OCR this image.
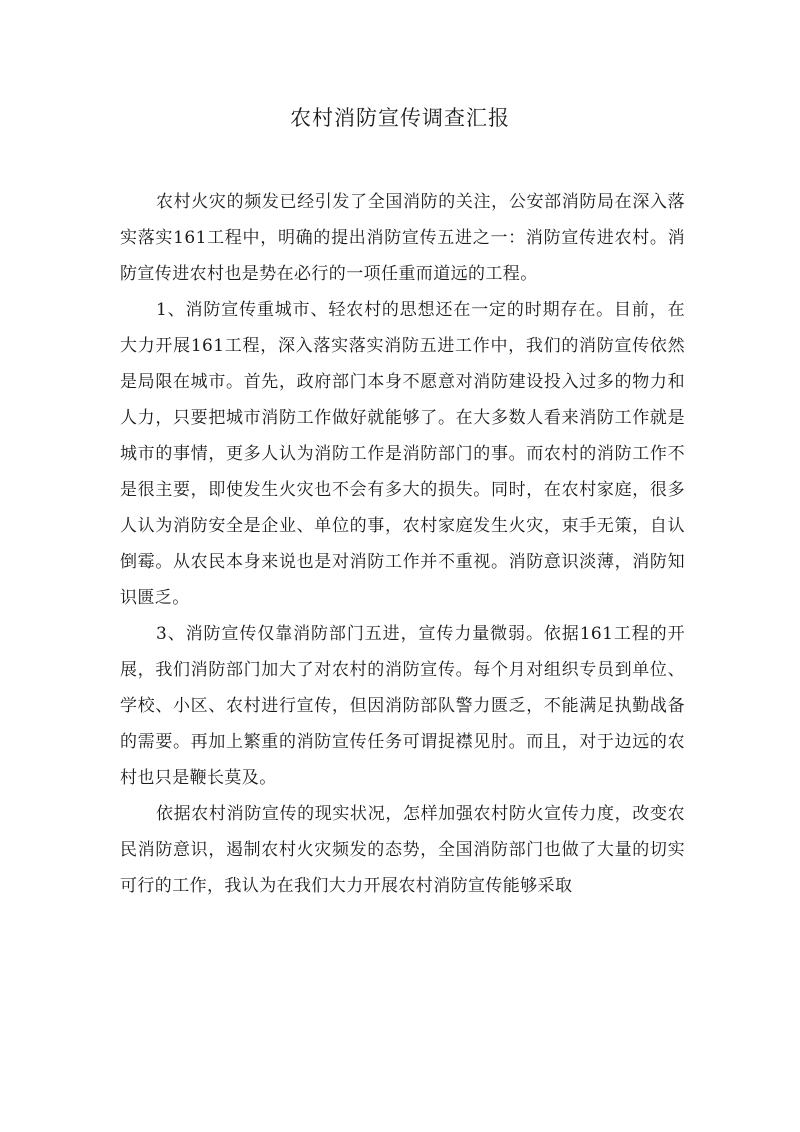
农村消防宣传调查汇报

农村火灾的频发已经引发了全国消防的关注，公安部消防局在深入落实落实161工程中，明确的提出消防宣传五进之一：消防宣传进农村。消防宣传进农村也是势在必行的一项任重而道远的工程。

1、消防宣传重城市、轻农村的思想还在一定的时期存在。目前，在大力开展161工程，深入落实落实消防五进工作中，我们的消防宣传依然是局限在城市。首先，政府部门本身不愿意对消防建设投入过多的物力和人力，只要把城市消防工作做好就能够了。在大多数人看来消防工作就是城市的事情，更多人认为消防工作是消防部门的事。而农村的消防工作不是很主要，即使发生火灾也不会有多大的损失。同时，在农村家庭，很多人认为消防安全是企业、单位的事，农村家庭发生火灾，束手无策，自认倒霉。从农民本身来说也是对消防工作并不重视。消防意识淡薄，消防知识匮乏。

3、消防宣传仅靠消防部门五进，宣传力量微弱。依据161工程的开展，我们消防部门加大了对农村的消防宣传。每个月对组织专员到单位、学校、小区、农村进行宣传，但因消防部队警力匮乏，不能满足执勤战备的需要。再加上繁重的消防宣传任务可谓捉襟见肘。而且，对于边远的农村也只是鞭长莫及。

依据农村消防宣传的现实状况，怎样加强农村防火宣传力度，改变农民消防意识，遏制农村火灾频发的态势，全国消防部门也做了大量的切实可行的工作，我认为在我们大力开展农村消防宣传能够采取
